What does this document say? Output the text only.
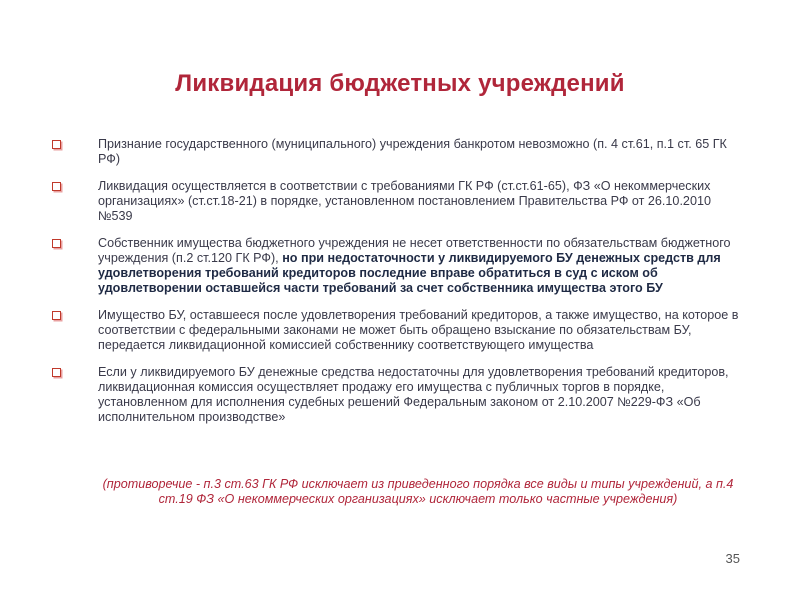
Ликвидация бюджетных учреждений
Признание государственного (муниципального) учреждения банкротом невозможно (п. 4 ст.61, п.1 ст. 65 ГК РФ)
Ликвидация осуществляется в соответствии с требованиями ГК РФ (ст.ст.61-65), ФЗ «О некоммерческих организациях» (ст.ст.18-21) в порядке, установленном постановлением Правительства РФ от 26.10.2010 №539
Собственник имущества бюджетного учреждения не несет ответственности по обязательствам бюджетного учреждения (п.2 ст.120 ГК РФ), но при недостаточности у ликвидируемого БУ денежных средств для удовлетворения требований кредиторов последние вправе обратиться в суд с иском об удовлетворении оставшейся части требований за счет собственника имущества этого БУ
Имущество БУ, оставшееся после удовлетворения требований кредиторов, а также имущество, на которое в соответствии с федеральными законами не может быть обращено взыскание по обязательствам БУ, передается ликвидационной комиссией собственнику соответствующего имущества
Если у ликвидируемого БУ денежные средства недостаточны для удовлетворения требований кредиторов, ликвидационная комиссия осуществляет продажу его имущества с публичных торгов в порядке, установленном для исполнения судебных решений Федеральным законом от 2.10.2007 №229-ФЗ «Об исполнительном производстве»
(противоречие - п.3 ст.63 ГК РФ исключает из приведенного порядка все виды и типы учреждений, а п.4 ст.19 ФЗ «О некоммерческих организациях» исключает только частные учреждения)
35
